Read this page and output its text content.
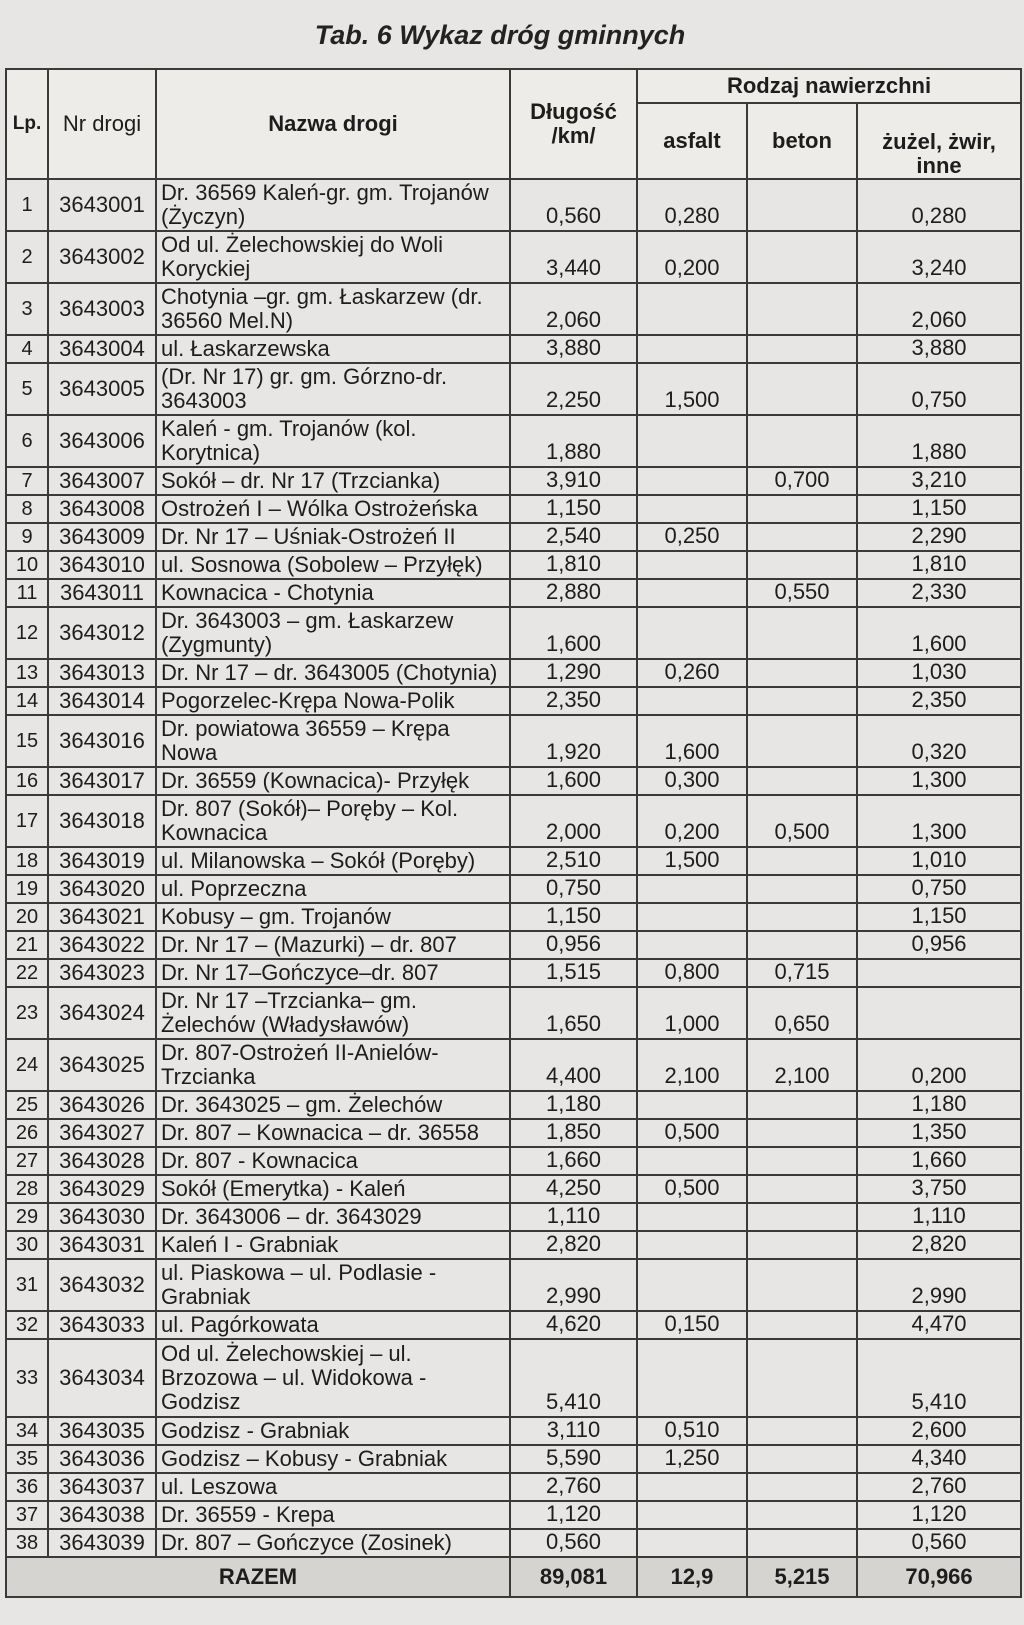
Tab. 6 Wykaz dróg gminnych
Lp.	Nr drogi	Nazwa drogi	Długość /km/	Rodzaj nawierzchni		
				asfalt	beton	żużel, żwir, inne
1	3643001	Dr. 36569 Kaleń-gr. gm. Trojanów (Życzyn)	0,560	0,280		0,280
2	3643002	Od ul. Żelechowskiej do Woli Koryckiej	3,440	0,200		3,240
3	3643003	Chotynia –gr. gm. Łaskarzew (dr. 36560 Mel.N)	2,060			2,060
4	3643004	ul. Łaskarzewska	3,880			3,880
5	3643005	(Dr. Nr 17) gr. gm. Górzno-dr. 3643003	2,250	1,500		0,750
6	3643006	Kaleń - gm. Trojanów (kol. Korytnica)	1,880			1,880
7	3643007	Sokół – dr. Nr 17 (Trzcianka)	3,910		0,700	3,210
8	3643008	Ostrożeń I – Wólka Ostrożeńska	1,150			1,150
9	3643009	Dr. Nr 17 – Uśniak-Ostrożeń II	2,540	0,250		2,290
10	3643010	ul. Sosnowa (Sobolew – Przyłęk)	1,810			1,810
11	3643011	Kownacica - Chotynia	2,880		0,550	2,330
12	3643012	Dr. 3643003 – gm. Łaskarzew (Zygmunty)	1,600			1,600
13	3643013	Dr. Nr 17 – dr. 3643005 (Chotynia)	1,290	0,260		1,030
14	3643014	Pogorzelec-Krępa Nowa-Polik	2,350			2,350
15	3643016	Dr. powiatowa 36559 – Krępa Nowa	1,920	1,600		0,320
16	3643017	Dr. 36559 (Kownacica)- Przyłęk	1,600	0,300		1,300
17	3643018	Dr. 807 (Sokół)– Poręby – Kol. Kownacica	2,000	0,200	0,500	1,300
18	3643019	ul. Milanowska – Sokół (Poręby)	2,510	1,500		1,010
19	3643020	ul. Poprzeczna	0,750			0,750
20	3643021	Kobusy – gm. Trojanów	1,150			1,150
21	3643022	Dr. Nr 17 – (Mazurki) – dr. 807	0,956			0,956
22	3643023	Dr. Nr 17–Gończyce–dr. 807	1,515	0,800	0,715	
23	3643024	Dr. Nr 17 –Trzcianka– gm. Żelechów (Władysławów)	1,650	1,000	0,650	
24	3643025	Dr. 807-Ostrożeń II-Anielów-Trzcianka	4,400	2,100	2,100	0,200
25	3643026	Dr. 3643025 – gm. Żelechów	1,180			1,180
26	3643027	Dr. 807 – Kownacica – dr. 36558	1,850	0,500		1,350
27	3643028	Dr. 807 - Kownacica	1,660			1,660
28	3643029	Sokół (Emerytka) - Kaleń	4,250	0,500		3,750
29	3643030	Dr. 3643006 – dr. 3643029	1,110			1,110
30	3643031	Kaleń I - Grabniak	2,820			2,820
31	3643032	ul. Piaskowa – ul. Podlasie - Grabniak	2,990			2,990
32	3643033	ul. Pagórkowata	4,620	0,150		4,470
33	3643034	Od ul. Żelechowskiej – ul. Brzozowa – ul. Widokowa - Godzisz	5,410			5,410
34	3643035	Godzisz - Grabniak	3,110	0,510		2,600
35	3643036	Godzisz – Kobusy - Grabniak	5,590	1,250		4,340
36	3643037	ul. Leszowa	2,760			2,760
37	3643038	Dr. 36559 - Krepa	1,120			1,120
38	3643039	Dr. 807 – Gończyce (Zosinek)	0,560			0,560
RAZEM			89,081	12,9	5,215	70,966
